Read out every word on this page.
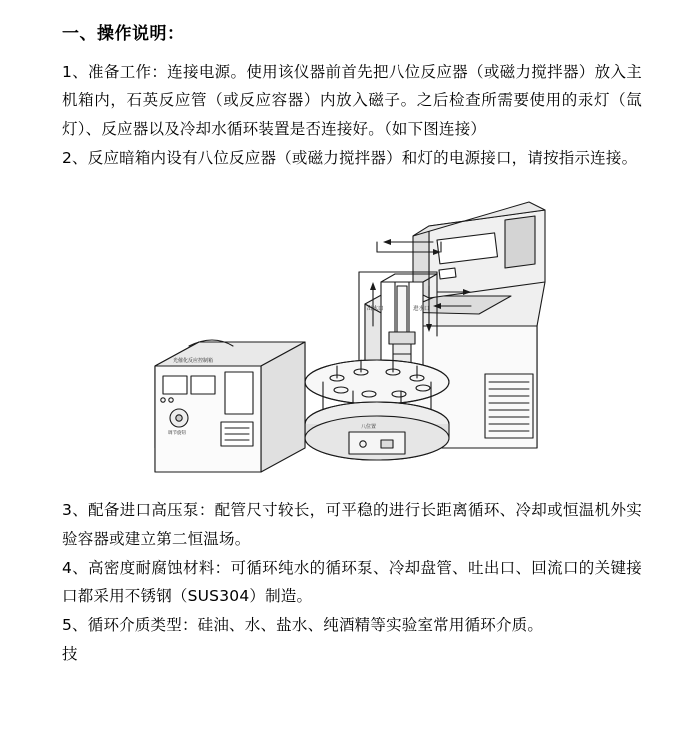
一、操作说明：

1、准备工作：连接电源。使用该仪器前首先把八位反应器（或磁力搅拌器）放入主机箱内，石英反应管（或反应容器）内放入磁子。之后检查所需要使用的汞灯（氙灯）、反应器以及冷却水循环装置是否连接好。（如下图连接）

2、反应暗箱内设有八位反应器（或磁力搅拌器）和灯的电源接口，请按指示连接。

出水口	进水口
光催化反应控制箱
调节旋钮
八位置

3、配备进口高压泵：配管尺寸较长，可平稳的进行长距离循环、冷却或恒温机外实验容器或建立第二恒温场。

4、高密度耐腐蚀材料：可循环纯水的循环泵、冷却盘管、吐出口、回流口的关键接口都采用不锈钢（SUS304）制造。

5、循环介质类型：硅油、水、盐水、纯酒精等实验室常用循环介质。

技
